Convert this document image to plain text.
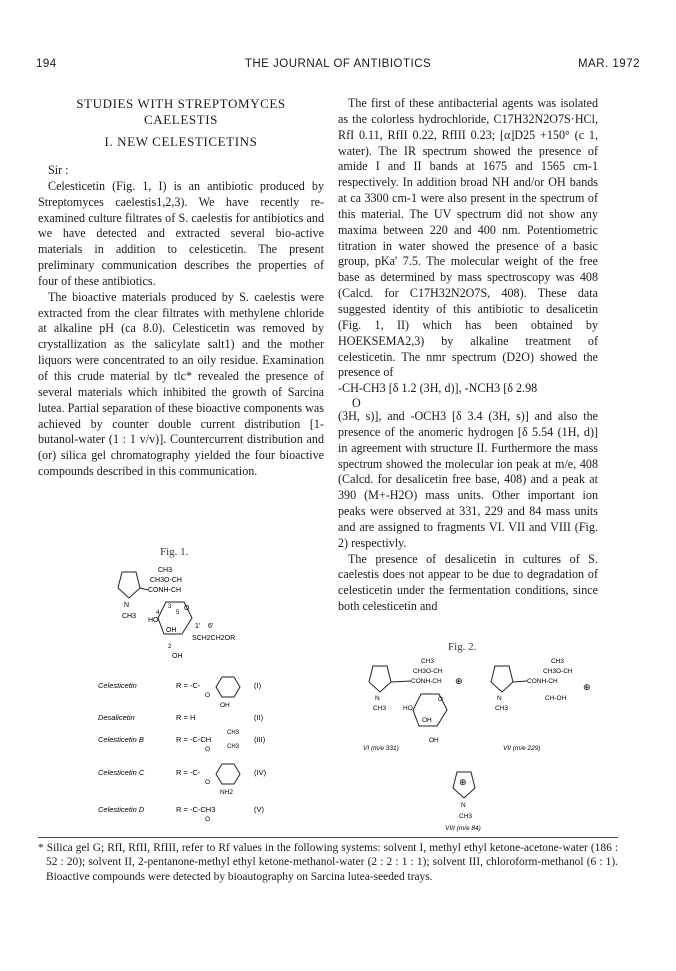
194	THE JOURNAL OF ANTIBIOTICS	MAR. 1972
STUDIES WITH STREPTOMYCES
CAELESTIS
I. NEW CELESTICETINS

Sir :

Celesticetin (Fig. 1, I) is an antibiotic produced by Streptomyces caelestis1,2,3). We have recently re-examined culture filtrates of S. caelestis for antibiotics and we have detected and extracted several bio-active materials in addition to celesticetin. The present preliminary communication describes the properties of four of these antibiotics.

The bioactive materials produced by S. caelestis were extracted from the clear filtrates with methylene chloride at alkaline pH (ca 8.0). Celesticetin was removed by crystallization as the salicylate salt1) and the mother liquors were concentrated to an oily residue. Examination of this crude material by tlc* revealed the presence of several materials which inhibited the growth of Sarcina lutea. Partial separation of these bioactive components was achieved by counter double current distribution [1-butanol-water (1 : 1 v/v)]. Countercurrent distribution and (or) silica gel chromatography yielded the four bioactive compounds described in this communication.

The first of these antibacterial agents was isolated as the colorless hydrochloride, C17H32N2O7S·HCl, RfI 0.11, RfII 0.22, RfIII 0.23; [α]D25 +150° (c 1, water). The IR spectrum showed the presence of amide I and II bands at 1675 and 1565 cm-1 respectively. In addition broad NH and/or OH bands at ca 3300 cm-1 were also present in the spectrum of this material. The UV spectrum did not show any maxima between 220 and 400 nm. Potentiometric titration in water showed the presence of a basic group, pKa' 7.5. The molecular weight of the free base as determined by mass spectroscopy was 408 (Calcd. for C17H32N2O7S, 408). These data suggested identity of this antibiotic to desalicetin (Fig. 1, II) which has been obtained by HOEKSEMA2,3) by alkaline treatment of celesticetin. The nmr spectrum (D2O) showed the presence of

-CH-CH3 [δ 1.2 (3H, d)], -NCH3 [δ 2.98

O

(3H, s)], and -OCH3 [δ 3.4 (3H, s)] and also the presence of the anomeric hydrogen [δ 5.54 (1H, d)] in agreement with structure II. Furthermore the mass spectrum showed the molecular ion peak at m/e, 408 (Calcd. for desalicetin free base, 408) and a peak at 390 (M+-H2O) mass units. Other important ion peaks were observed at 331, 229 and 84 mass units and are assigned to fragments VI. VII and VIII (Fig. 2) respectivly.

The presence of desalicetin in cultures of S. caelestis does not appear to be due to degradation of celesticetin under the fermentation conditions, since both celesticetin and

Fig. 1.
CH3
CH3O-CH
CONH-CH
N
CH3
HO
OH
O
1' 6'
SCH2CH2OR
OH
3
4	5
2
Celesticetin	R = -C-
O
OH
(I)
Desalicetin	R = H	(II)
Celesticetin B	R = -C-CH
O
CH3
CH3
(III)
Celesticetin C	R = -C-
O
NH2
(IV)
Celesticetin D	R = -C-CH3
O
(V)
Fig. 2.
CH3
CH3O-CH
CONH-CH ⊕
N
CH3	HO
OH
O
OH
VI (m/e 331)
CH3
CH3O-CH
CONH-CH
⊕
N
CH3
CH-OH
VII (m/e 229)
⊕
N
CH3
VIII (m/e 84)

* Silica gel G; RfI, RfII, RfIII, refer to Rf values in the following systems: solvent I, methyl ethyl ketone-acetone-water (186 : 52 : 20); solvent II, 2-pentanone-methyl ethyl ketone-methanol-water (2 : 2 : 1 : 1); solvent III, chloroform-methanol (6 : 1). Bioactive compounds were detected by bioautography on Sarcina lutea-seeded trays.
